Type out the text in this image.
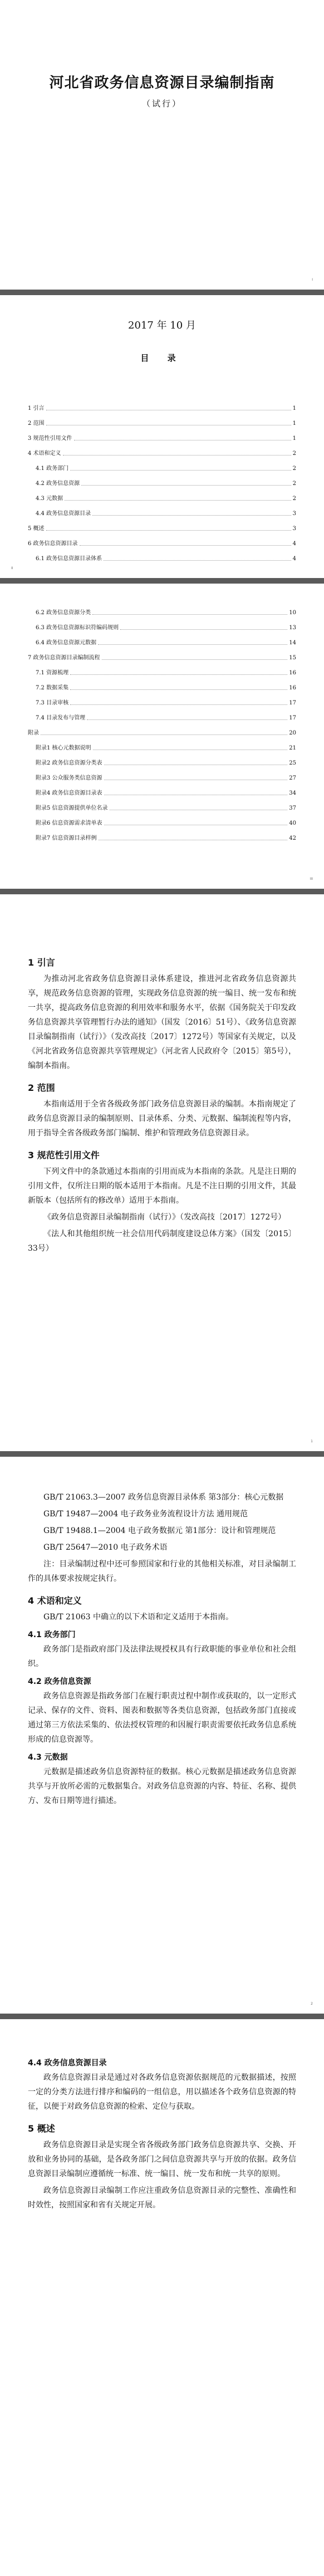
河北省政务信息资源目录编制指南

（试行）

I

2017 年 10 月

目 录
1 引言	1
2 范围	1
3 规范性引用文件	1
4 术语和定义	2
4.1 政务部门	2
4.2 政务信息资源	2
4.3 元数据	2
4.4 政务信息资源目录	3
5 概述	3
6 政务信息资源目录	4
6.1 政务信息资源目录体系	4
II
6.2 政务信息资源分类	10
6.3 政务信息资源标识符编码规则	13
6.4 政务信息资源元数据	14
7 政务信息资源目录编制流程	15
7.1 资源梳理	16
7.2 数据采集	16
7.3 目录审核	17
7.4 目录发布与管理	17
附录	20
附录1 核心元数据说明	21
附录2 政务信息资源分类表	25
附录3 公众服务类信息资源	27
附录4 政务信息资源目录表	34
附录5 信息资源提供单位名录	37
附录6 信息资源需求清单表	40
附录7 信息资源目录样例	42
III
1 引言

为推动河北省政务信息资源目录体系建设，推进河北省政务信息资源共享，规范政务信息资源的管理，实现政务信息资源的统一编目、统一发布和统一共享，提高政务信息资源的利用效率和服务水平，依据《国务院关于印发政务信息资源共享管理暂行办法的通知》（国发〔2016〕51号）、《政务信息资源目录编制指南（试行）》（发改高技〔2017〕1272号）等国家有关规定，以及《河北省政务信息资源共享管理规定》（河北省人民政府令〔2015〕第5号），编制本指南。

2 范围

本指南适用于全省各级政务部门政务信息资源目录的编制。本指南规定了政务信息资源目录的编制原则、目录体系、分类、元数据、编制流程等内容，用于指导全省各级政务部门编制、维护和管理政务信息资源目录。

3 规范性引用文件

下列文件中的条款通过本指南的引用而成为本指南的条款。凡是注日期的引用文件，仅所注日期的版本适用于本指南。凡是不注日期的引用文件，其最新版本（包括所有的修改单）适用于本指南。

《政务信息资源目录编制指南（试行）》（发改高技〔2017〕1272号）

《法人和其他组织统一社会信用代码制度建设总体方案》（国发〔2015〕33号）

1

GB/T 21063.3—2007 政务信息资源目录体系 第3部分：核心元数据

GB/T 19487—2004 电子政务业务流程设计方法 通用规范

GB/T 19488.1—2004 电子政务数据元 第1部分：设计和管理规范

GB/T 25647—2010 电子政务术语

注：目录编制过程中还可参照国家和行业的其他相关标准，对目录编制工作的具体要求按规定执行。

4 术语和定义

GB/T 21063 中确立的以下术语和定义适用于本指南。

4.1 政务部门

政务部门是指政府部门及法律法规授权具有行政职能的事业单位和社会组织。

4.2 政务信息资源

政务信息资源是指政务部门在履行职责过程中制作或获取的，以一定形式记录、保存的文件、资料、图表和数据等各类信息资源，包括政务部门直接或通过第三方依法采集的、依法授权管理的和因履行职责需要依托政务信息系统形成的信息资源等。

4.3 元数据

元数据是描述政务信息资源特征的数据。核心元数据是描述政务信息资源共享与开放所必需的元数据集合。对政务信息资源的内容、特征、名称、提供方、发布日期等进行描述。

2
4.4 政务信息资源目录

政务信息资源目录是通过对各政务信息资源依据规范的元数据描述，按照一定的分类方法进行排序和编码的一组信息，用以描述各个政务信息资源的特征，以便于对政务信息资源的检索、定位与获取。

5 概述

政务信息资源目录是实现全省各级政务部门政务信息资源共享、交换、开放和业务协同的基础，是各政务部门之间信息资源共享与开放的依据。政务信息资源目录编制应遵循统一标准、统一编目、统一发布和统一共享的原则。

政务信息资源目录编制工作应注重政务信息资源目录的完整性、准确性和时效性，按照国家和省有关规定开展。
